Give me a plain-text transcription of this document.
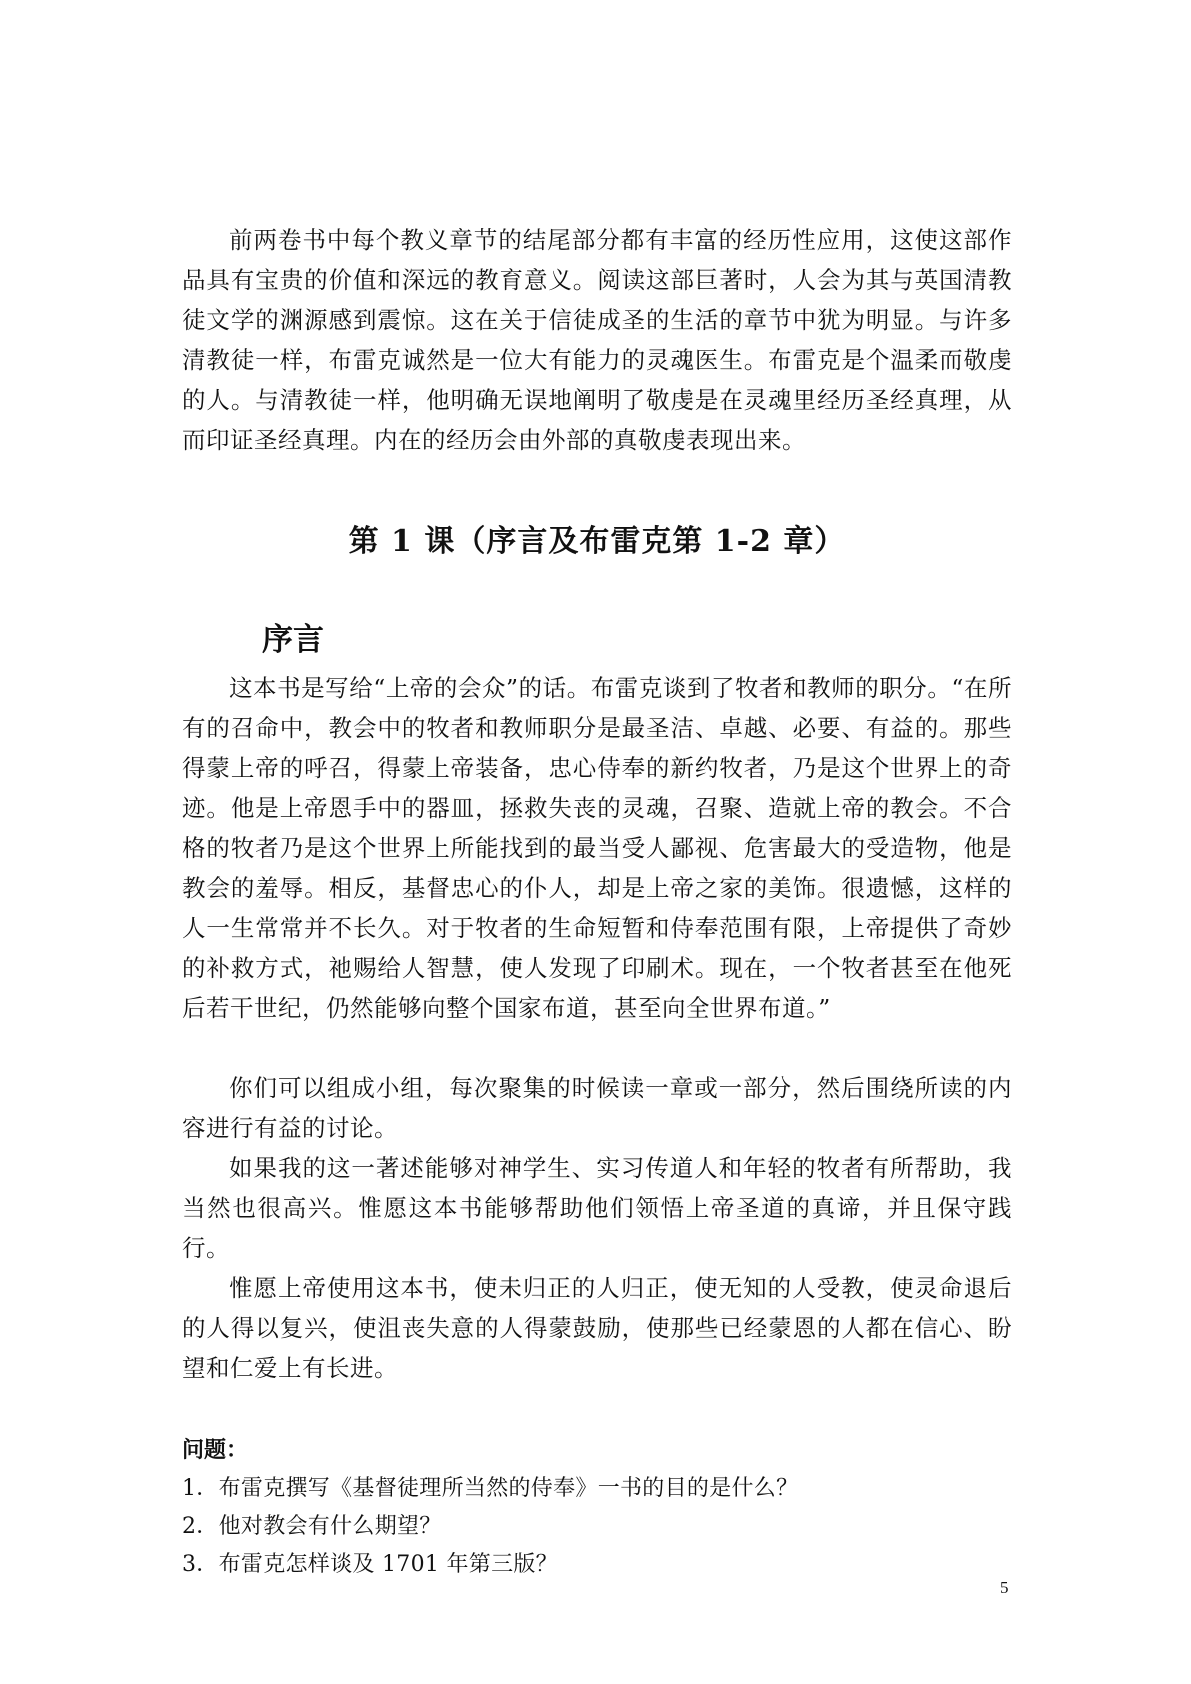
前两卷书中每个教义章节的结尾部分都有丰富的经历性应用，这使这部作品具有宝贵的价值和深远的教育意义。阅读这部巨著时，人会为其与英国清教徒文学的渊源感到震惊。这在关于信徒成圣的生活的章节中犹为明显。与许多清教徒一样，布雷克诚然是一位大有能力的灵魂医生。布雷克是个温柔而敬虔的人。与清教徒一样，他明确无误地阐明了敬虔是在灵魂里经历圣经真理，从而印证圣经真理。内在的经历会由外部的真敬虔表现出来。

第 1 课（序言及布雷克第 1-2 章）
序言

这本书是写给“上帝的会众”的话。布雷克谈到了牧者和教师的职分。“在所有的召命中，教会中的牧者和教师职分是最圣洁、卓越、必要、有益的。那些得蒙上帝的呼召，得蒙上帝装备，忠心侍奉的新约牧者，乃是这个世界上的奇迹。他是上帝恩手中的器皿，拯救失丧的灵魂，召聚、造就上帝的教会。不合格的牧者乃是这个世界上所能找到的最当受人鄙视、危害最大的受造物，他是教会的羞辱。相反，基督忠心的仆人，却是上帝之家的美饰。很遗憾，这样的人一生常常并不长久。对于牧者的生命短暂和侍奉范围有限，上帝提供了奇妙的补救方式，祂赐给人智慧，使人发现了印刷术。现在，一个牧者甚至在他死后若干世纪，仍然能够向整个国家布道，甚至向全世界布道。”

你们可以组成小组，每次聚集的时候读一章或一部分，然后围绕所读的内容进行有益的讨论。

如果我的这一著述能够对神学生、实习传道人和年轻的牧者有所帮助，我当然也很高兴。惟愿这本书能够帮助他们领悟上帝圣道的真谛，并且保守践行。

惟愿上帝使用这本书，使未归正的人归正，使无知的人受教，使灵命退后的人得以复兴，使沮丧失意的人得蒙鼓励，使那些已经蒙恩的人都在信心、盼望和仁爱上有长进。

问题：
1．布雷克撰写《基督徒理所当然的侍奉》一书的目的是什么？
2．他对教会有什么期望？
3．布雷克怎样谈及 1701 年第三版？
5
